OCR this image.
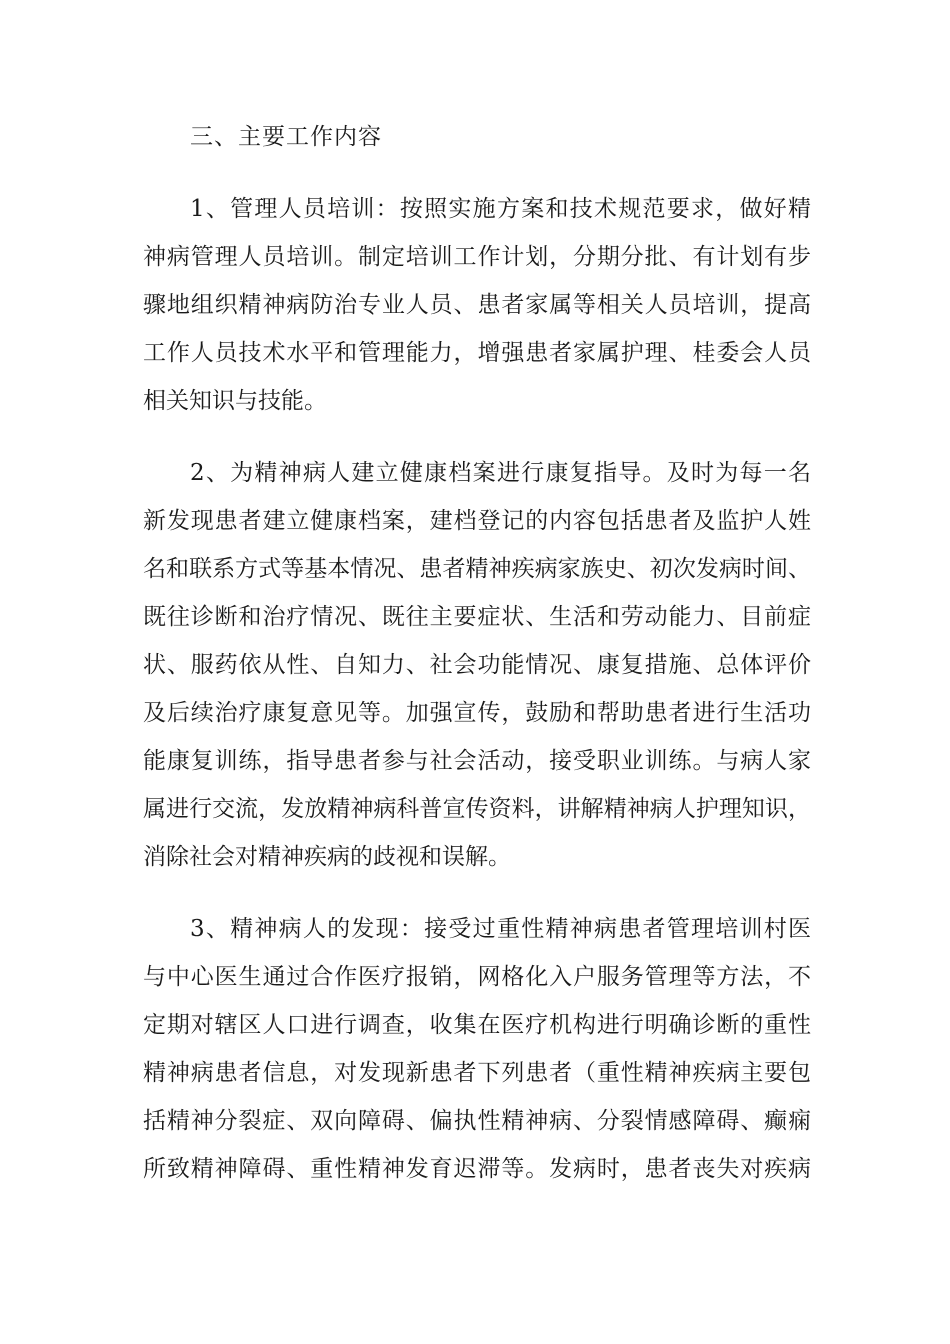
三、主要工作内容
1、管理人员培训：按照实施方案和技术规范要求，做好精
神病管理人员培训。制定培训工作计划，分期分批、有计划有步
骤地组织精神病防治专业人员、患者家属等相关人员培训，提高
工作人员技术水平和管理能力，增强患者家属护理、桂委会人员
相关知识与技能。
2、为精神病人建立健康档案进行康复指导。及时为每一名
新发现患者建立健康档案，建档登记的内容包括患者及监护人姓
名和联系方式等基本情况、患者精神疾病家族史、初次发病时间、
既往诊断和治疗情况、既往主要症状、生活和劳动能力、目前症
状、服药依从性、自知力、社会功能情况、康复措施、总体评价
及后续治疗康复意见等。加强宣传，鼓励和帮助患者进行生活功
能康复训练，指导患者参与社会活动，接受职业训练。与病人家
属进行交流，发放精神病科普宣传资料，讲解精神病人护理知识，
消除社会对精神疾病的歧视和误解。
3、精神病人的发现：接受过重性精神病患者管理培训村医
与中心医生通过合作医疗报销，网格化入户服务管理等方法，不
定期对辖区人口进行调查，收集在医疗机构进行明确诊断的重性
精神病患者信息，对发现新患者下列患者（重性精神疾病主要包
括精神分裂症、双向障碍、偏执性精神病、分裂情感障碍、癫痫
所致精神障碍、重性精神发育迟滞等。发病时，患者丧失对疾病
